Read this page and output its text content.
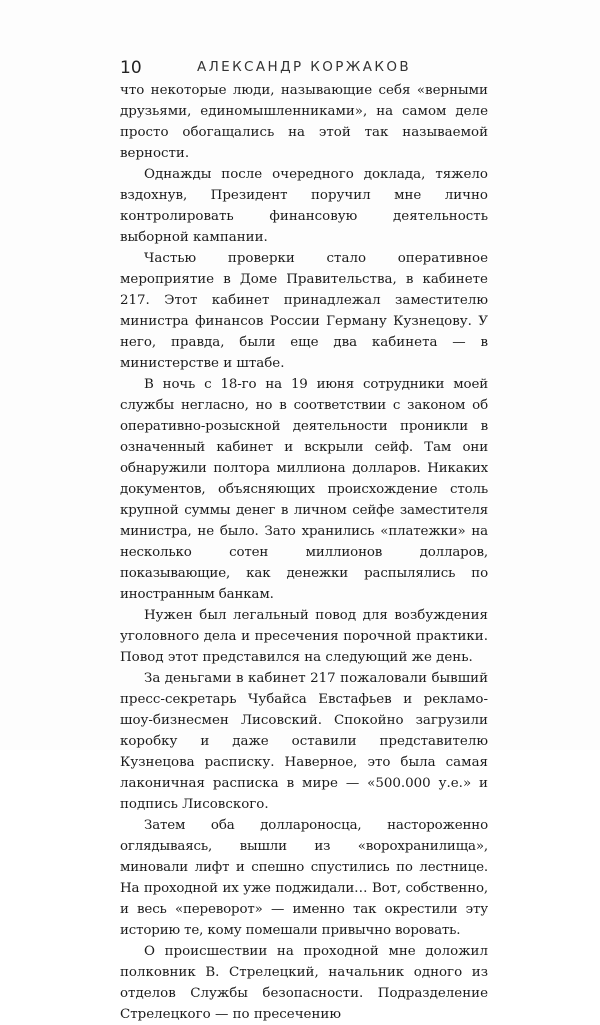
10	АЛЕКСАНДР КОРЖАКОВ

что некоторые люди, называющие себя «верными друзьями, единомышленниками», на самом деле просто обогащались на этой так называемой верности.

Однажды после очередного доклада, тяжело вздохнув, Президент поручил мне лично контролировать финансовую деятельность выборной кампании.

Частью проверки стало оперативное мероприятие в Доме Правительства, в кабинете 217. Этот кабинет принадлежал заместителю министра финансов России Герману Кузнецову. У него, правда, были еще два кабинета — в министерстве и штабе.

В ночь с 18-го на 19 июня сотрудники моей службы негласно, но в соответствии с законом об оперативно-розыскной деятельности проникли в означенный кабинет и вскрыли сейф. Там они обнаружили полтора миллиона долларов. Никаких документов, объясняющих происхождение столь крупной суммы денег в личном сейфе заместителя министра, не было. Зато хранились «платежки» на несколько сотен миллионов долларов, показывающие, как денежки распылялись по иностранным банкам.

Нужен был легальный повод для возбуждения уголовного дела и пресечения порочной практики. Повод этот представился на следующий же день.

За деньгами в кабинет 217 пожаловали бывший пресс-секретарь Чубайса Евстафьев и рекламо-шоу-бизнесмен Лисовский. Спокойно загрузили коробку и даже оставили представителю Кузнецова расписку. Наверное, это была самая лаконичная расписка в мире — «500.000 у.е.» и подпись Лисовского.

Затем оба доллароносца, настороженно оглядываясь, вышли из «ворохранилища», миновали лифт и спешно спустились по лестнице. На проходной их уже поджидали… Вот, собственно, и весь «переворот» — именно так окрестили эту историю те, кому помешали привычно воровать.

О происшествии на проходной мне доложил полковник В. Стрелецкий, начальник одного из отделов Службы безопасности. Подразделение Стрелецкого — по пресечению
